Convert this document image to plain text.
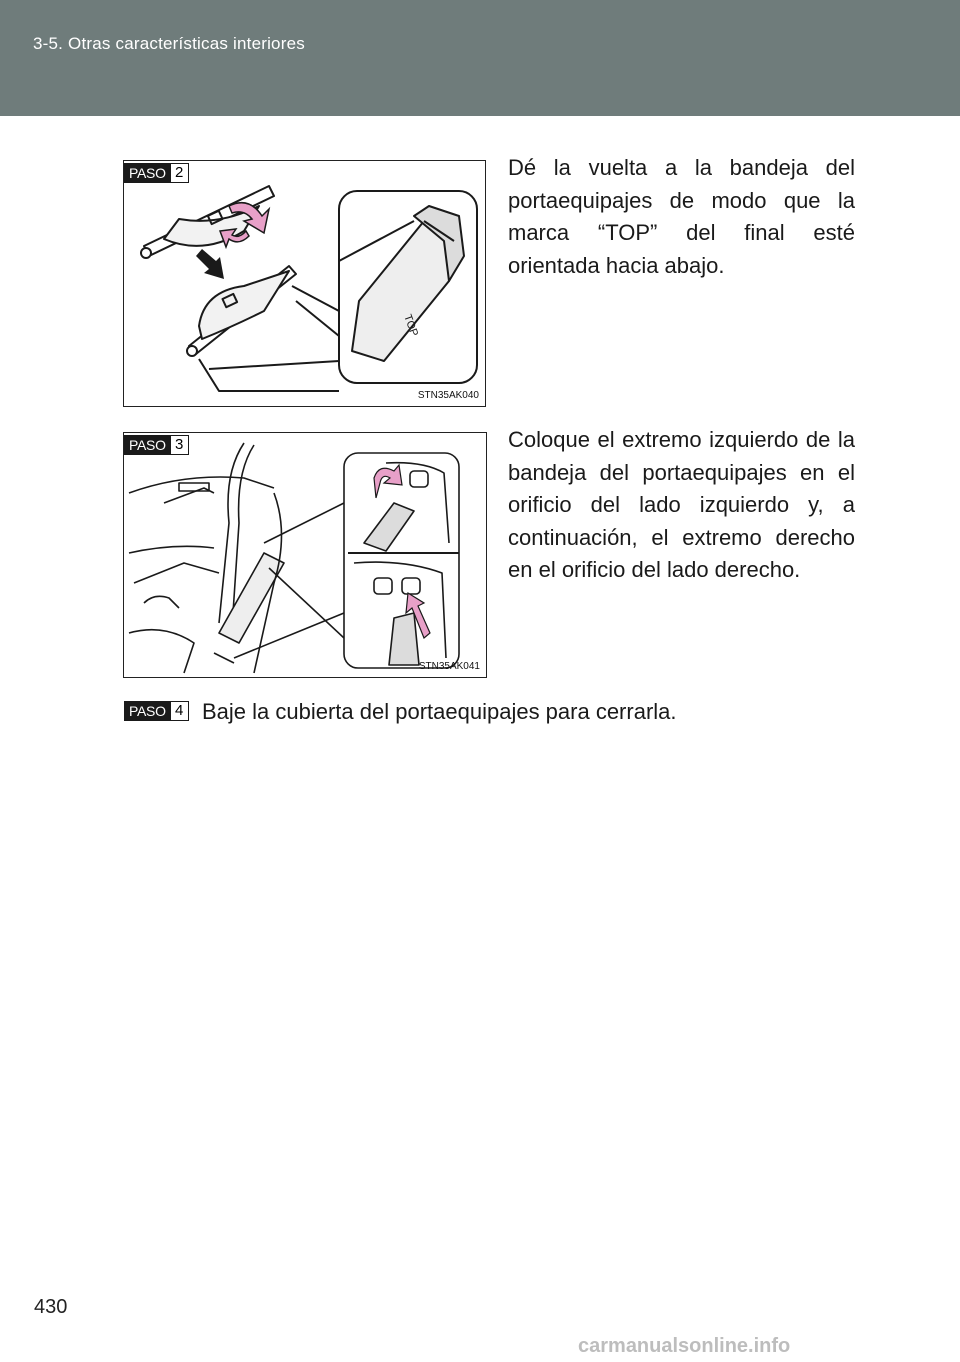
3-5. Otras características interiores
PASO 2
TOP
STN35AK040
Dé la vuelta a la bandeja del portaequipajes de modo que la marca “TOP” del final esté orientada hacia abajo.
PASO 3
STN35AK041
Coloque el extremo izquierdo de la bandeja del portaequipajes en el orificio del lado izquierdo y, a continuación, el extremo derecho en el orificio del lado derecho.
PASO 4 Baje la cubierta del portaequipajes para cerrarla.
430
carmanualsonline.info
